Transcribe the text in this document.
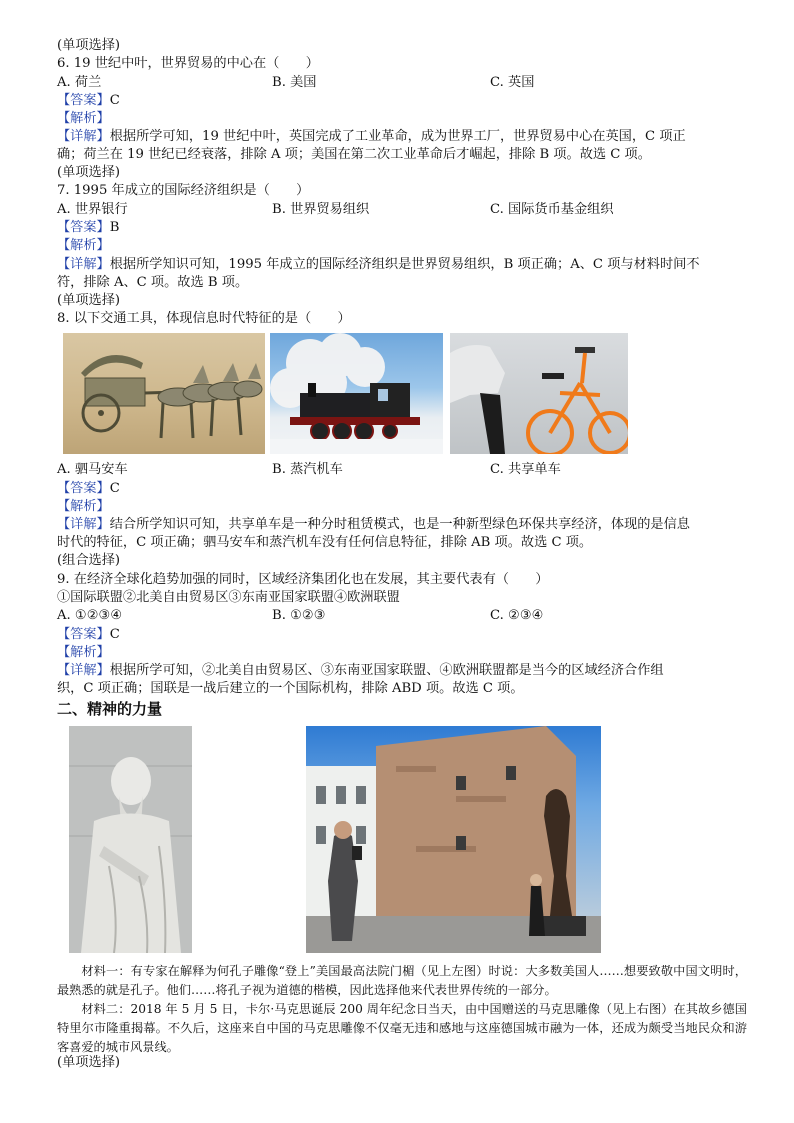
(单项选择)
6. 19 世纪中叶，世界贸易的中心在（　　）
A. 荷兰	B. 美国	C. 英国
【答案】C
【解析】
【详解】根据所学可知，19 世纪中叶，英国完成了工业革命，成为世界工厂，世界贸易中心在英国，C 项正
确；荷兰在 19 世纪已经衰落，排除 A 项；美国在第二次工业革命后才崛起，排除 B 项。故选 C 项。
(单项选择)
7. 1995 年成立的国际经济组织是（　　）
A. 世界银行	B. 世界贸易组织	C. 国际货币基金组织
【答案】B
【解析】
【详解】根据所学知识可知，1995 年成立的国际经济组织是世界贸易组织，B 项正确；A、C 项与材料时间不
符，排除 A、C 项。故选 B 项。
(单项选择)
8. 以下交通工具，体现信息时代特征的是（　　）
A. 驷马安车	B. 蒸汽机车	C. 共享单车
【答案】C
【解析】
【详解】结合所学知识可知，共享单车是一种分时租赁模式，也是一种新型绿色环保共享经济，体现的是信息
时代的特征，C 项正确；驷马安车和蒸汽机车没有任何信息特征，排除 AB 项。故选 C 项。
(组合选择)
9. 在经济全球化趋势加强的同时，区域经济集团化也在发展，其主要代表有（　　）
①国际联盟②北美自由贸易区③东南亚国家联盟④欧洲联盟
A. ①②③④	B. ①②③	C. ②③④
【答案】C
【解析】
【详解】根据所学可知，②北美自由贸易区、③东南亚国家联盟、④欧洲联盟都是当今的区域经济合作组
织，C 项正确；国联是一战后建立的一个国际机构，排除 ABD 项。故选 C 项。
二、精神的力量
材料一：有专家在解释为何孔子雕像“登上”美国最高法院门楣（见上左图）时说：大多数美国人……想要致敬中国文明时，最熟悉的就是孔子。他们……将孔子视为道德的楷模，因此选择他来代表世界传统的一部分。
材料二：2018 年 5 月 5 日，卡尔·马克思诞辰 200 周年纪念日当天，由中国赠送的马克思雕像（见上右图）在其故乡德国特里尔市隆重揭幕。不久后，这座来自中国的马克思雕像不仅毫无违和感地与这座德国城市融为一体，还成为颇受当地民众和游客喜爱的城市风景线。
(单项选择)
